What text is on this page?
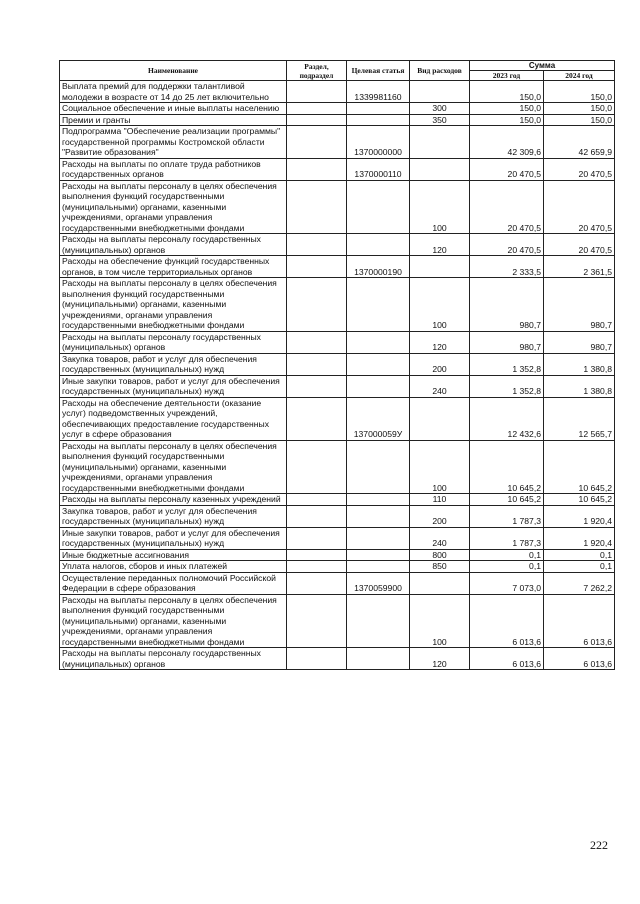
Наименование	Раздел, подраздел	Целевая статья	Вид расходов	Сумма	
				2023 год	2024 год
Выплата премий для поддержки талантливой молодежи в возрасте от 14 до 25 лет включительно		1339981160		150,0	150,0
Социальное обеспечение и иные выплаты населению			300	150,0	150,0
Премии и гранты			350	150,0	150,0
Подпрограмма "Обеспечение реализации программы" государственной программы Костромской области "Развитие образования"		1370000000		42 309,6	42 659,9
Расходы на выплаты по оплате труда работников государственных органов		1370000110		20 470,5	20 470,5
Расходы на выплаты персоналу в целях обеспечения выполнения функций государственными (муниципальными) органами, казенными учреждениями, органами управления государственными внебюджетными фондами			100	20 470,5	20 470,5
Расходы на выплаты персоналу государственных (муниципальных) органов			120	20 470,5	20 470,5
Расходы на обеспечение функций государственных органов, в том числе территориальных органов		1370000190		2 333,5	2 361,5
Расходы на выплаты персоналу в целях обеспечения выполнения функций государственными (муниципальными) органами, казенными учреждениями, органами управления государственными внебюджетными фондами			100	980,7	980,7
Расходы на выплаты персоналу государственных (муниципальных) органов			120	980,7	980,7
Закупка товаров, работ и услуг для обеспечения государственных (муниципальных) нужд			200	1 352,8	1 380,8
Иные закупки товаров, работ и услуг для обеспечения государственных (муниципальных) нужд			240	1 352,8	1 380,8
Расходы на обеспечение деятельности (оказание услуг) подведомственных учреждений, обеспечивающих предоставление государственных услуг в сфере образования		137000059У		12 432,6	12 565,7
Расходы на выплаты персоналу в целях обеспечения выполнения функций государственными (муниципальными) органами, казенными учреждениями, органами управления государственными внебюджетными фондами			100	10 645,2	10 645,2
Расходы на выплаты персоналу казенных учреждений			110	10 645,2	10 645,2
Закупка товаров, работ и услуг для обеспечения государственных (муниципальных) нужд			200	1 787,3	1 920,4
Иные закупки товаров, работ и услуг для обеспечения государственных (муниципальных) нужд			240	1 787,3	1 920,4
Иные бюджетные ассигнования			800	0,1	0,1
Уплата налогов, сборов и иных платежей			850	0,1	0,1
Осуществление переданных полномочий Российской Федерации в сфере образования		1370059900		7 073,0	7 262,2
Расходы на выплаты персоналу в целях обеспечения выполнения функций государственными (муниципальными) органами, казенными учреждениями, органами управления государственными внебюджетными фондами			100	6 013,6	6 013,6
Расходы на выплаты персоналу государственных (муниципальных) органов			120	6 013,6	6 013,6
222
